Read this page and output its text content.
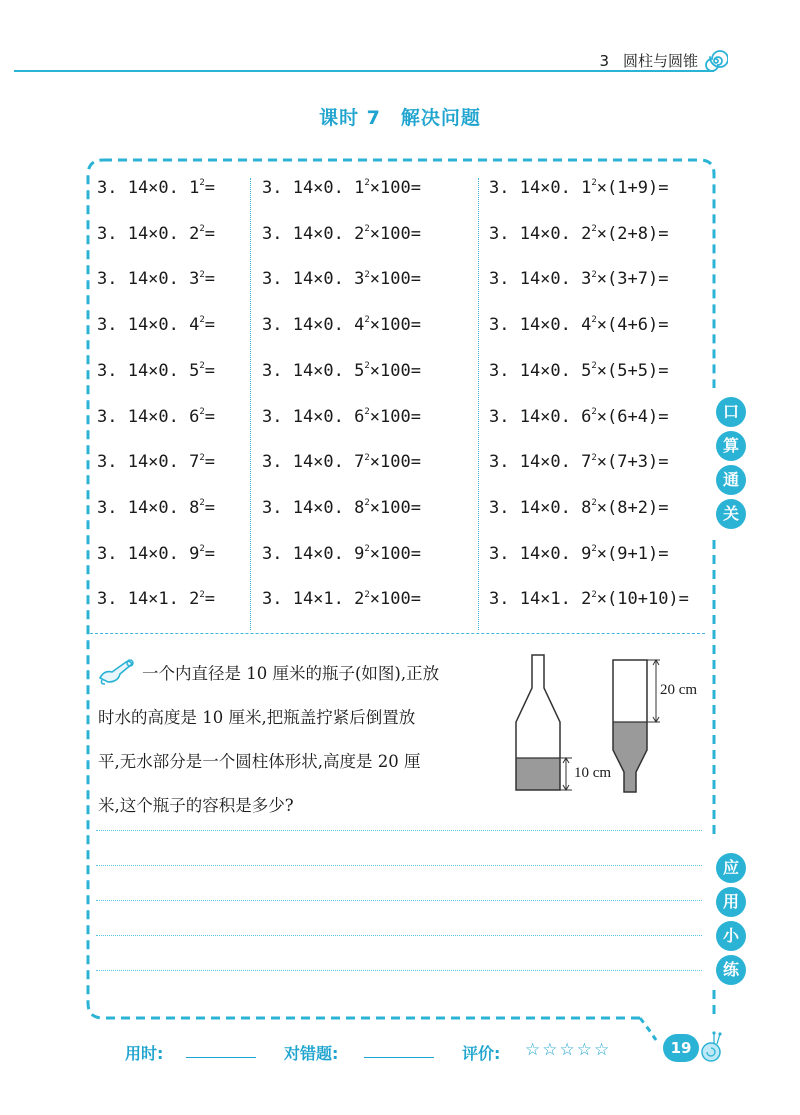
3 圆柱与圆锥
课时 7 解决问题
3. 14×0. $1^2=$	3. 14×0. $1^2\times 100=$	3. 14×0. $1^2\times(1+9)=$
3. 14×0. $2^2=$	3. 14×0. $2^2\times 100=$	3. 14×0. $2^2\times(2+8)=$
3. 14×0. $3^2=$	3. 14×0. $3^2\times 100=$	3. 14×0. $3^2\times(3+7)=$
3. 14×0. $4^2=$	3. 14×0. $4^2\times 100=$	3. 14×0. $4^2\times(4+6)=$
3. 14×0. $5^2=$	3. 14×0. $5^2\times 100=$	3. 14×0. $5^2\times(5+5)=$
3. 14×0. $6^2=$	3. 14×0. $6^2\times 100=$	3. 14×0. $6^2\times(6+4)=$
3. 14×0. $7^2=$	3. 14×0. $7^2\times 100=$	3. 14×0. $7^2\times(7+3)=$
3. 14×0. $8^2=$	3. 14×0. $8^2\times 100=$	3. 14×0. $8^2\times(8+2)=$
3. 14×0. $9^2=$	3. 14×0. $9^2\times 100=$	3. 14×0. $9^2\times(9+1)=$
3. 14×1. $2^2=$	3. 14×1. $2^2\times 100=$	3. 14×1. $2^2\times(10+10)=$
一个内直径是 10 厘米的瓶子(如图),正放
时水的高度是 10 厘米,把瓶盖拧紧后倒置放
平,无水部分是一个圆柱体形状,高度是 20 厘
米,这个瓶子的容积是多少?
10 cm
20 cm
口
算
通
关
应
用
小
练
用时:	对错题:	评价: ☆☆☆☆☆	19
